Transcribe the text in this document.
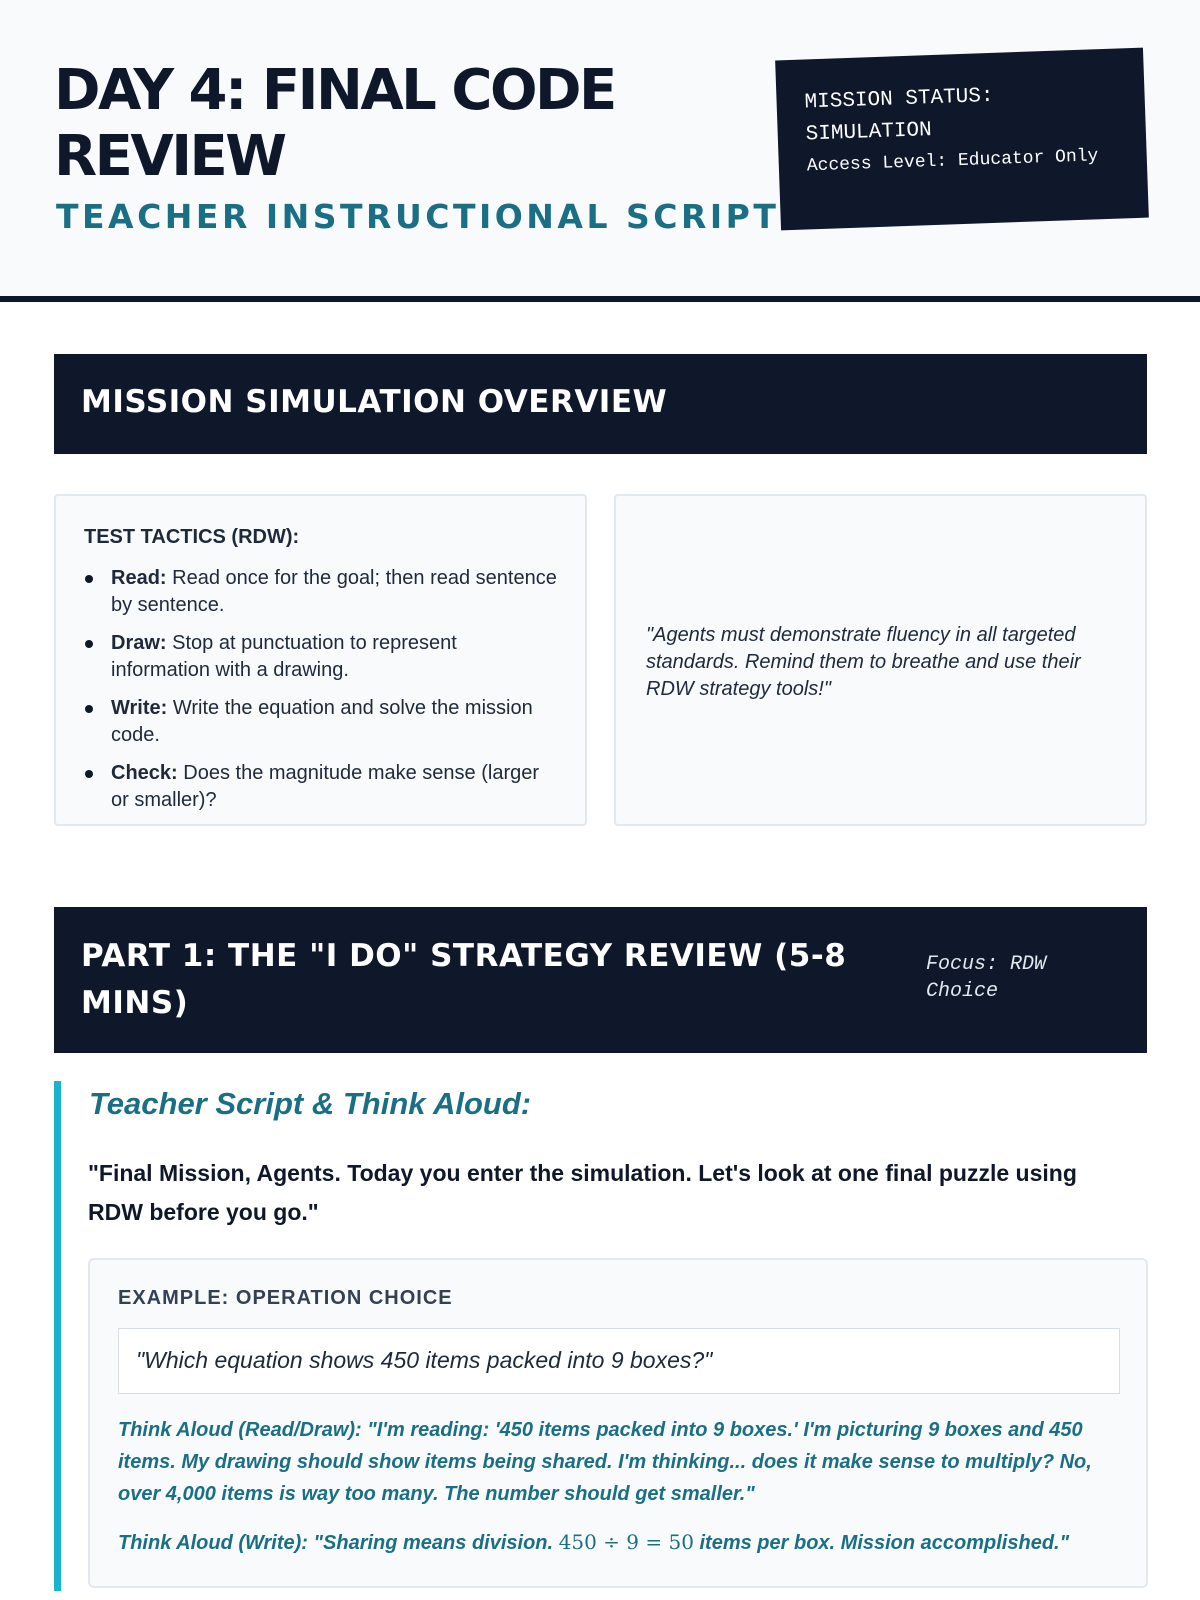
DAY 4: FINAL CODE REVIEW
TEACHER INSTRUCTIONAL SCRIPT
MISSION STATUS: SIMULATION
Access Level: Educator Only
MISSION SIMULATION OVERVIEW
TEST TACTICS (RDW):
Read: Read once for the goal; then read sentence by sentence.
Draw: Stop at punctuation to represent information with a drawing.
Write: Write the equation and solve the mission code.
Check: Does the magnitude make sense (larger or smaller)?

"Agents must demonstrate fluency in all targeted standards. Remind them to breathe and use their RDW strategy tools!"

PART 1: THE "I DO" STRATEGY REVIEW (5-8 MINS)
Focus: RDW Choice
Teacher Script & Think Aloud:

"Final Mission, Agents. Today you enter the simulation. Let's look at one final puzzle using RDW before you go."

EXAMPLE: OPERATION CHOICE
"Which equation shows 450 items packed into 9 boxes?"

Think Aloud (Read/Draw): "I'm reading: '450 items packed into 9 boxes.' I'm picturing 9 boxes and 450 items. My drawing should show items being shared. I'm thinking... does it make sense to multiply? No, over 4,000 items is way too many. The number should get smaller."

Think Aloud (Write): "Sharing means division. 450 ÷ 9 = 50 items per box. Mission accomplished."
